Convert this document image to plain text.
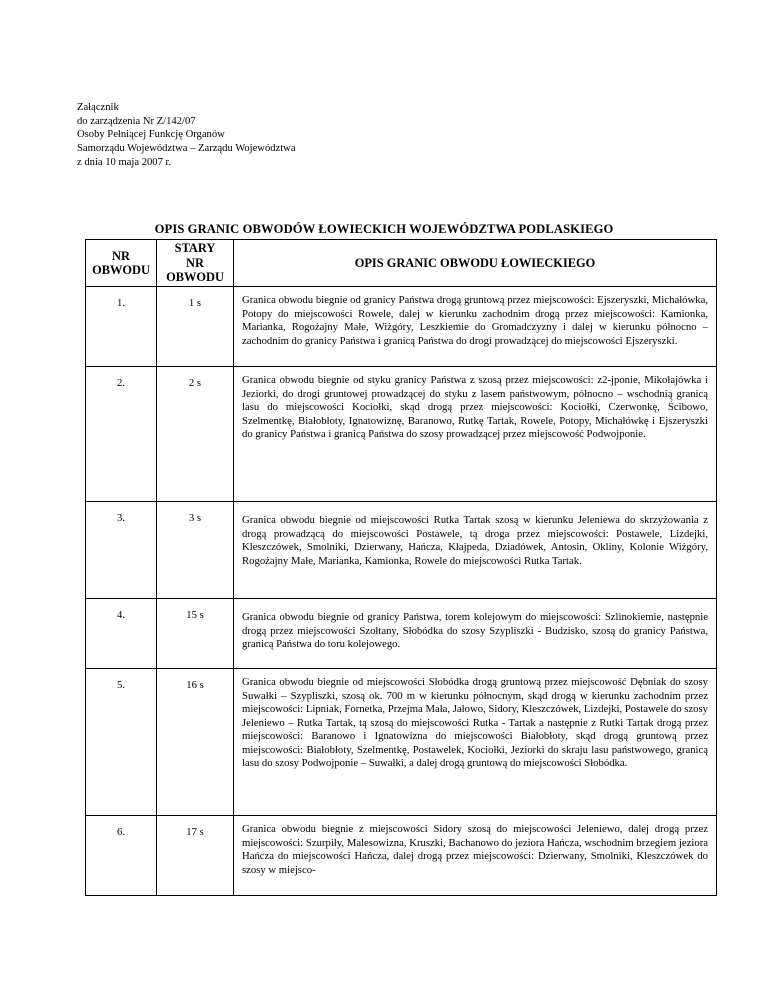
Załącznik
do zarządzenia Nr Z/142/07
Osoby Pełniącej Funkcję Organów
Samorządu Województwa – Zarządu Województwa
z dnia 10 maja 2007 r.
OPIS GRANIC OBWODÓW ŁOWIECKICH WOJEWÓDZTWA PODLASKIEGO
NR
OBWODU	STARY
NR
OBWODU	OPIS GRANIC OBWODU ŁOWIECKIEGO
1.	1 s	Granica obwodu biegnie od granicy Państwa drogą gruntową przez miejscowości: Ejszeryszki, Michałówka, Potopy do miejscowości Rowele, dalej w kierunku zachodnim drogą przez miejscowości: Kamionka, Marianka, Rogożajny Małe, Wiżgóry, Leszkiemie do Gromadczyzny i dalej w kierunku północno – zachodnim do granicy Państwa i granicą Państwa do drogi prowadzącej do miejscowości Ejszeryszki.
2.	2 s	Granica obwodu biegnie od styku granicy Państwa z szosą przez miejscowości: z2-jponie, Mikołajówka i Jeziorki, do drogi gruntowej prowadzącej do styku z lasem państwowym, północno – wschodnią granicą lasu do miejscowości Kociołki, skąd drogą przez miejscowości: Kociołki, Czerwonkę, Ścibowo, Szelmentkę, Białobłoty, Ignatowiznę, Baranowo, Rutkę Tartak, Rowele, Potopy, Michałówkę i Ejszeryszki do granicy Państwa i granicą Państwa do szosy prowadzącej przez miejscowość Podwojponie.
3.	3 s	Granica obwodu biegnie od miejscowości Rutka Tartak szosą w kierunku Jeleniewa do skrzyżowania z drogą prowadzącą do miejscowości Postawele, tą droga przez miejscowości: Postawele, Lizdejki, Kleszczówek, Smolniki, Dzierwany, Hańcza, Kłajpeda, Dziadówek, Antosin, Okliny, Kolonie Wiżgóry, Rogożajny Małe, Marianka, Kamionka, Rowele do miejscowości Rutka Tartak.
4.	15 s	Granica obwodu biegnie od granicy Państwa, torem kolejowym do miejscowości: Szlinokiemie, następnie drogą przez miejscowości Szołtany, Słobódka do szosy Szypliszki - Budzisko, szosą do granicy Państwa, granicą Państwa do toru kolejowego.
5.	16 s	Granica obwodu biegnie od miejscowości Słobódka drogą gruntową przez miejscowość Dębniak do szosy Suwałki – Szypliszki, szosą ok. 700 m w kierunku północnym, skąd drogą w kierunku zachodnim przez miejscowości: Lipniak, Fornetka, Przejma Mała, Jałowo, Sidory, Kleszczówek, Lizdejki, Postawele do szosy Jeleniewo – Rutka Tartak, tą szosą do miejscowości Rutka - Tartak a następnie z Rutki Tartak drogą przez miejscowości: Baranowo i Ignatowizna do miejscowości Białobłoty, skąd drogą gruntową przez miejscowości: Białobłoty, Szelmentkę, Postawelek, Kociołki, Jeziorki do skraju lasu państwowego, granicą lasu do szosy Podwojponie – Suwałki, a dalej drogą gruntową do miejscowości Słobódka.
6.	17 s	Granica obwodu biegnie z miejscowości Sidory szosą do miejscowości Jeleniewo, dalej drogą przez miejscowości: Szurpiły, Malesowizna, Kruszki, Bachanowo do jeziora Hańcza, wschodnim brzegiem jeziora Hańcza do miejscowości Hańcza, dalej drogą przez miejscowości: Dzierwany, Smolniki, Kleszczówek do szosy w miejsco-
